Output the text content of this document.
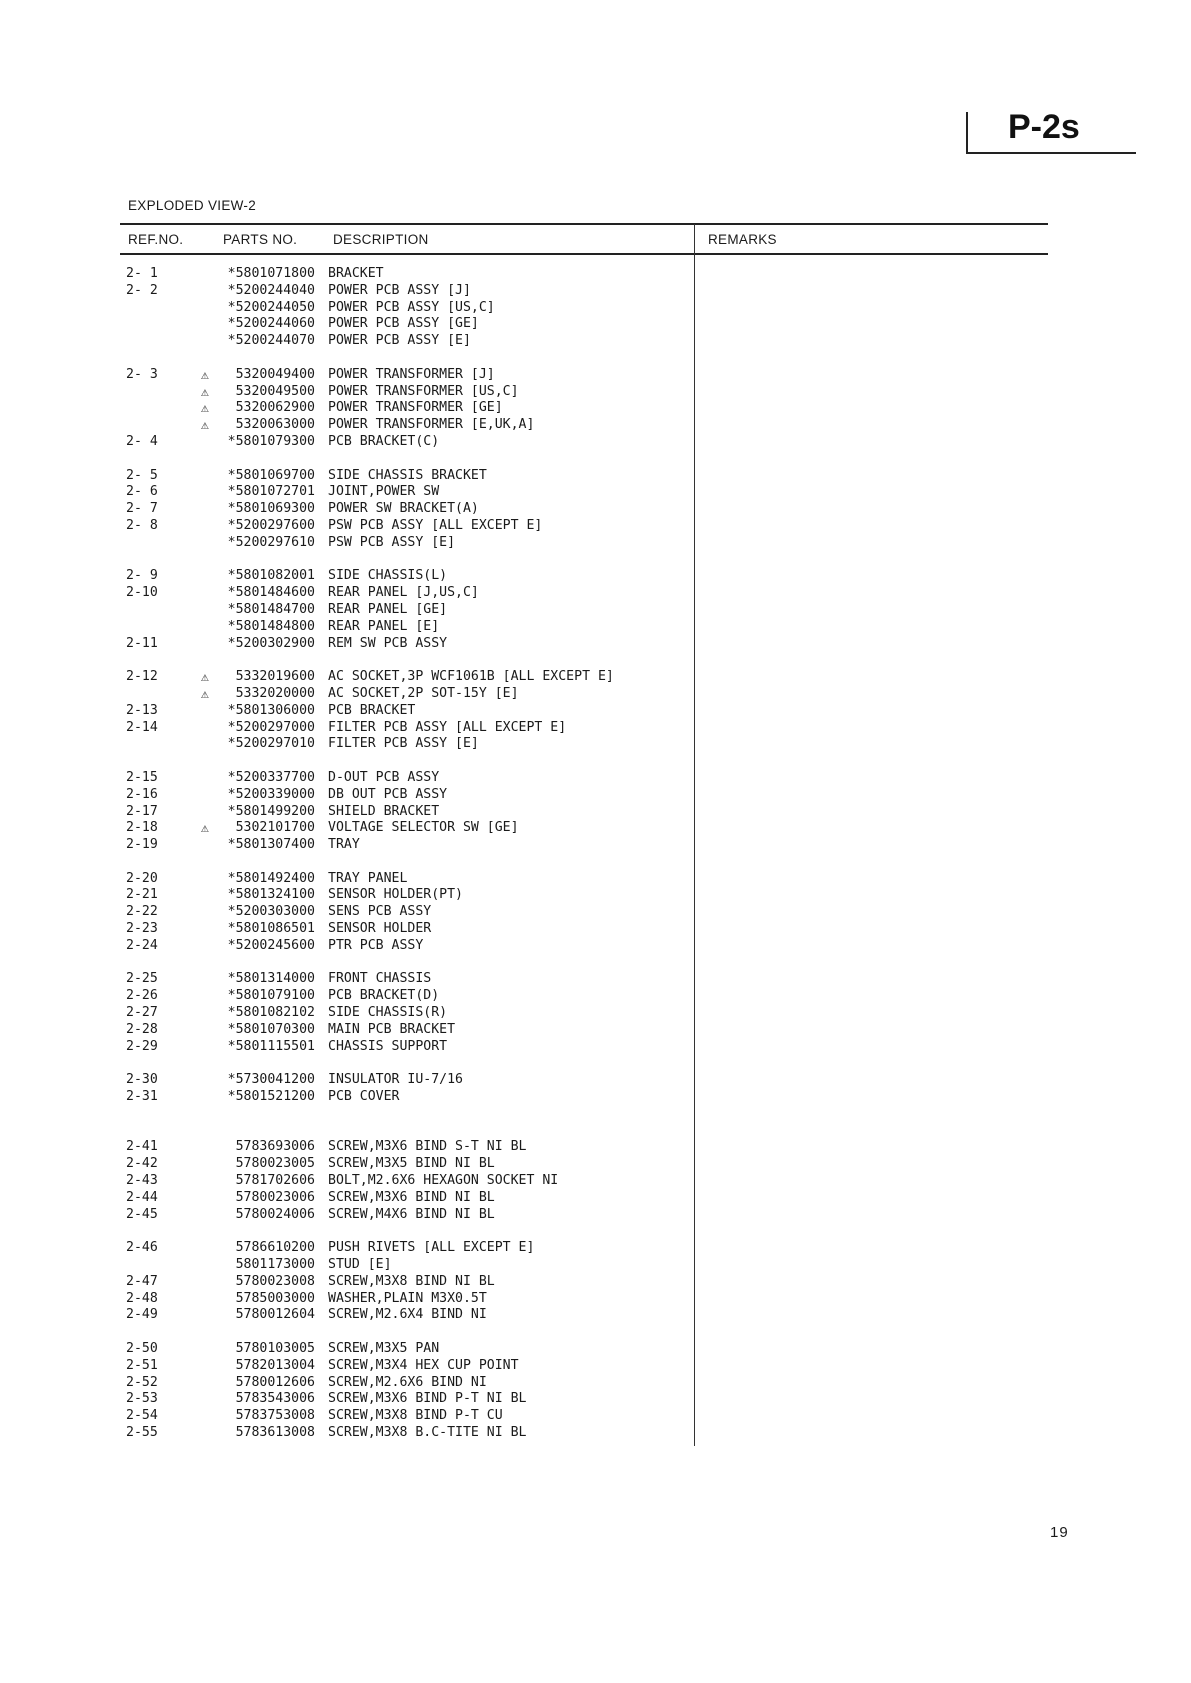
P-2s
EXPLODED VIEW-2
REF.NO.	PARTS NO.	DESCRIPTION	REMARKS
2- 1	*5801071800 BRACKET
2- 2	*5200244040 POWER PCB ASSY [J]
*5200244050 POWER PCB ASSY [US,C]
*5200244060 POWER PCB ASSY [GE]
*5200244070 POWER PCB ASSY [E]
2- 3	⚠	5320049400 POWER TRANSFORMER [J]
⚠	5320049500 POWER TRANSFORMER [US,C]
⚠	5320062900 POWER TRANSFORMER [GE]
⚠	5320063000 POWER TRANSFORMER [E,UK,A]
2- 4	*5801079300 PCB BRACKET(C)
2- 5	*5801069700 SIDE CHASSIS BRACKET
2- 6	*5801072701 JOINT,POWER SW
2- 7	*5801069300 POWER SW BRACKET(A)
2- 8	*5200297600 PSW PCB ASSY [ALL EXCEPT E]
*5200297610 PSW PCB ASSY [E]
2- 9	*5801082001 SIDE CHASSIS(L)
2-10	*5801484600 REAR PANEL [J,US,C]
*5801484700 REAR PANEL [GE]
*5801484800 REAR PANEL [E]
2-11	*5200302900 REM SW PCB ASSY
2-12	⚠	5332019600 AC SOCKET,3P WCF1061B [ALL EXCEPT E]
⚠	5332020000 AC SOCKET,2P SOT-15Y [E]
2-13	*5801306000 PCB BRACKET
2-14	*5200297000 FILTER PCB ASSY [ALL EXCEPT E]
*5200297010 FILTER PCB ASSY [E]
2-15	*5200337700 D-OUT PCB ASSY
2-16	*5200339000 DB OUT PCB ASSY
2-17	*5801499200 SHIELD BRACKET
2-18	⚠	5302101700 VOLTAGE SELECTOR SW [GE]
2-19	*5801307400 TRAY
2-20	*5801492400 TRAY PANEL
2-21	*5801324100 SENSOR HOLDER(PT)
2-22	*5200303000 SENS PCB ASSY
2-23	*5801086501 SENSOR HOLDER
2-24	*5200245600 PTR PCB ASSY
2-25	*5801314000 FRONT CHASSIS
2-26	*5801079100 PCB BRACKET(D)
2-27	*5801082102 SIDE CHASSIS(R)
2-28	*5801070300 MAIN PCB BRACKET
2-29	*5801115501 CHASSIS SUPPORT
2-30	*5730041200 INSULATOR IU-7/16
2-31	*5801521200 PCB COVER
2-41	5783693006 SCREW,M3X6 BIND S-T NI BL
2-42	5780023005 SCREW,M3X5 BIND NI BL
2-43	5781702606 BOLT,M2.6X6 HEXAGON SOCKET NI
2-44	5780023006 SCREW,M3X6 BIND NI BL
2-45	5780024006 SCREW,M4X6 BIND NI BL
2-46	5786610200 PUSH RIVETS [ALL EXCEPT E]
5801173000 STUD [E]
2-47	5780023008 SCREW,M3X8 BIND NI BL
2-48	5785003000 WASHER,PLAIN M3X0.5T
2-49	5780012604 SCREW,M2.6X4 BIND NI
2-50	5780103005 SCREW,M3X5 PAN
2-51	5782013004 SCREW,M3X4 HEX CUP POINT
2-52	5780012606 SCREW,M2.6X6 BIND NI
2-53	5783543006 SCREW,M3X6 BIND P-T NI BL
2-54	5783753008 SCREW,M3X8 BIND P-T CU
2-55	5783613008 SCREW,M3X8 B.C-TITE NI BL
19
